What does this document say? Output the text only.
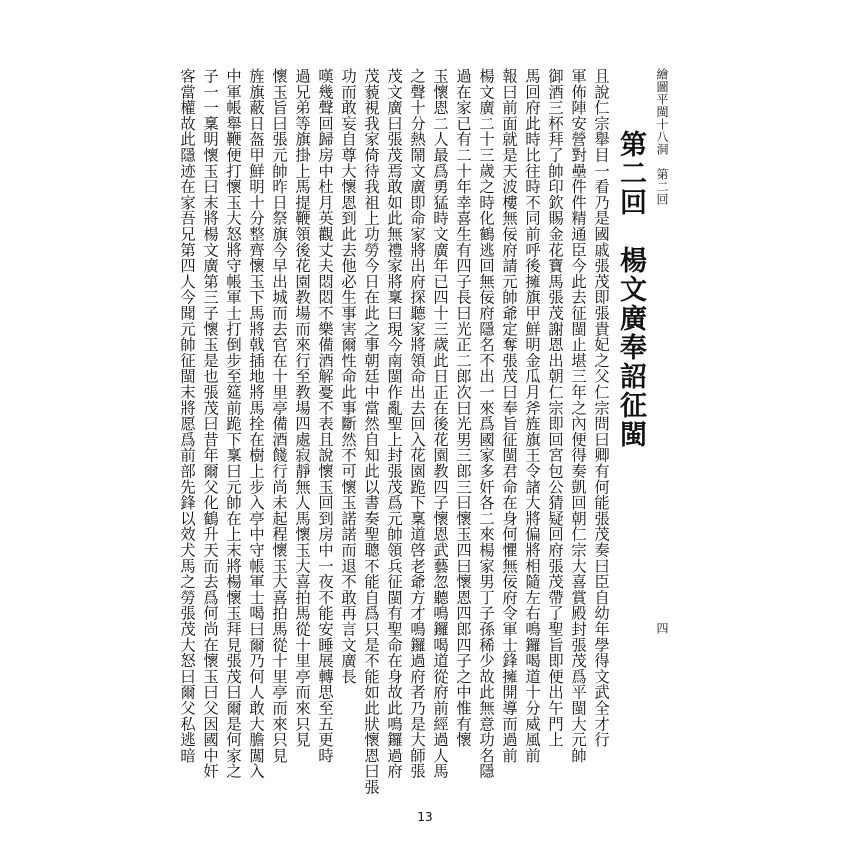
繪圖平閩十八洞　第二回
四
第二回　楊文廣奉詔征閩
且說仁宗舉目一看乃是國戚張茂即張貴妃之父仁宗問曰卿有何能張茂奏曰臣自幼年學得文武全才行
軍佈陣安營對壘件件精通臣今此去征閩止堪三年之內便得奏凱回朝仁宗大喜賞殿封張茂爲平閩大元帥
御酒三杯拜了帥印欽賜金花寶馬張茂謝恩出朝仁宗即回宮包公猜疑回府張茂帶了聖旨即便出午門上
馬回府此時比往時不同前呼後擁旗甲鮮明金瓜月斧旌旗王令諸大將偏將相隨左右鳴鑼喝道十分威風前
報曰前面就是天波樓無佞府請元帥爺定奪張茂曰奉旨征閩君命在身何懼無佞府令軍士鋒擁開導而過前
楊文廣二十三歲之時化鶴逃回無佞府隱名不出一來爲國家多奸各二來楊家男丁子孫稀少故此無意功名隱
過在家已有二十年幸喜生有四子長曰光正二郎次曰光男三郎三曰懷玉四曰懷恩四郎四子之中惟有懷
玉懷恩二人最爲勇猛時文廣年已四十三歲此日正在後花園教四子懷恩武藝忽聽鳴鑼喝道從府前經過人馬
之聲十分熱鬧文廣即命家將出府探聽家將領命出去回入花園跪下稟道啓老爺方才鳴鑼過府者乃是大師張
茂文廣曰張茂焉敢如此無禮家將稟曰現今南閩作亂聖上封張茂爲元帥領兵征閩有聖命在身故此鳴鑼過府
茂藐視我家倚待我祖上功勞今日在此之事朝廷中當然自知此以書奏聖聰不能自爲只是不能如此狀懷恩曰張
功而敢妄自尊大懷恩到此去他必生事害爾性命此事斷然不可懷玉諾諾而退不敢再言文廣長
嘆幾聲回歸房中杜月英觀丈夫悶悶不樂備酒解憂不表且說懷玉回到房中一夜不能安睡展轉思至五更時
過兄弟等旗掛上馬提鞭領後花園教場而來行至教場四處寂靜無人馬懷玉大喜拍馬從十里亭而來只見
懷玉旨曰張元帥昨日祭旗今早出城而去官在十里亭備酒餞行尚未起程懷玉大喜拍馬從十里亭而來只見
旌旗蔽日盔甲鮮明十分整齊懷玉下馬將戟插地將馬拴在樹上步入亭中守帳軍士喝曰爾乃何人敢大膽闖入
中軍帳舉鞭便打懷玉大怒將守帳軍士打倒步至筵前跪下稟曰元帥在上末將楊懷玉拜見張茂曰爾是何家之
子一一稟明懷玉曰末將楊文廣第三子懷玉是也張茂曰昔年爾父化鶴升天而去爲何尚在懷玉曰父因國中奸
客當權故此隱迹在家吾兄第四人今聞元帥征閩末將愿爲前部先鋒以效犬馬之勞張茂大怒曰爾父私逃暗
13
